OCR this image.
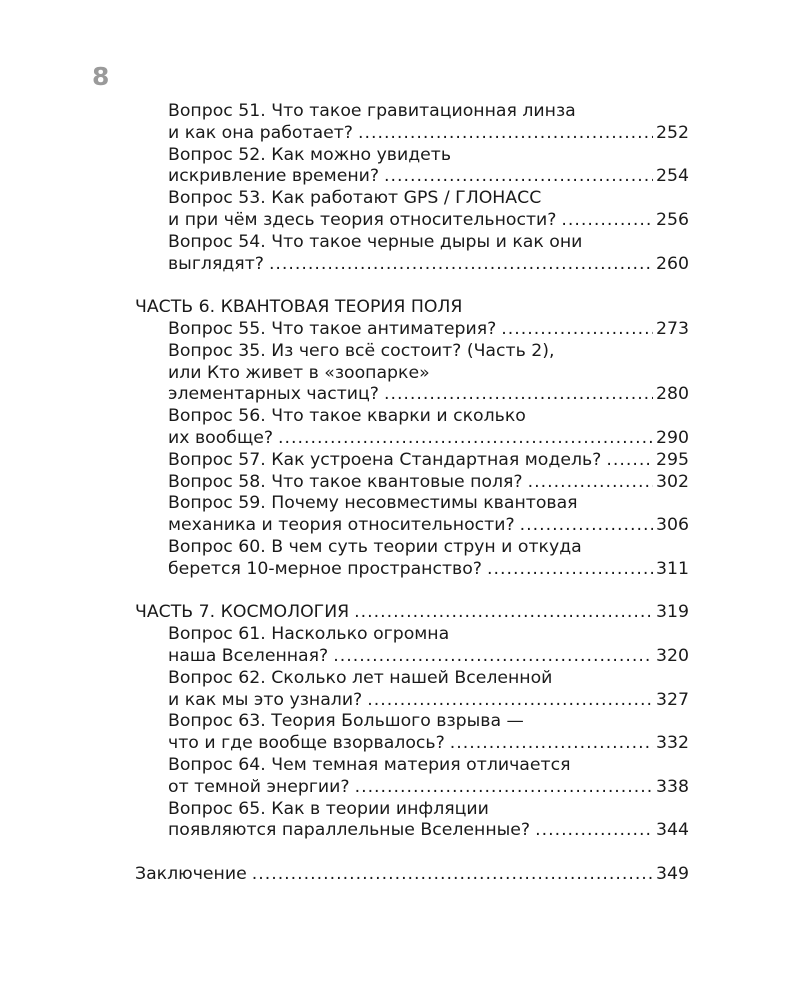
8
Вопрос 51. Что такое гравитационная линза
и как она работает? .....	252
Вопрос 52. Как можно увидеть
искривление времени? .....	254
Вопрос 53. Как работают GPS / ГЛОНАСС
и при чём здесь теория относительности? .....	256
Вопрос 54. Что такое черные дыры и как они
выглядят? .....	260
ЧАСТЬ 6. КВАНТОВАЯ ТЕОРИЯ ПОЛЯ
Вопрос 55. Что такое антиматерия? .....	273
Вопрос 35. Из чего всё состоит? (Часть 2),
или Кто живет в «зоопарке»
элементарных частиц? .....	280
Вопрос 56. Что такое кварки и сколько
их вообще? .....	290
Вопрос 57. Как устроена Стандартная модель? .....	295
Вопрос 58. Что такое квантовые поля? .....	302
Вопрос 59. Почему несовместимы квантовая
механика и теория относительности? .....	306
Вопрос 60. В чем суть теории струн и откуда
берется 10-мерное пространство? .....	311
ЧАСТЬ 7. КОСМОЛОГИЯ .....	319
Вопрос 61. Насколько огромна
наша Вселенная? .....	320
Вопрос 62. Сколько лет нашей Вселенной
и как мы это узнали? .....	327
Вопрос 63. Теория Большого взрыва —
что и где вообще взорвалось? .....	332
Вопрос 64. Чем темная материя отличается
от темной энергии? .....	338
Вопрос 65. Как в теории инфляции
появляются параллельные Вселенные? .....	344
Заключение .....	349
